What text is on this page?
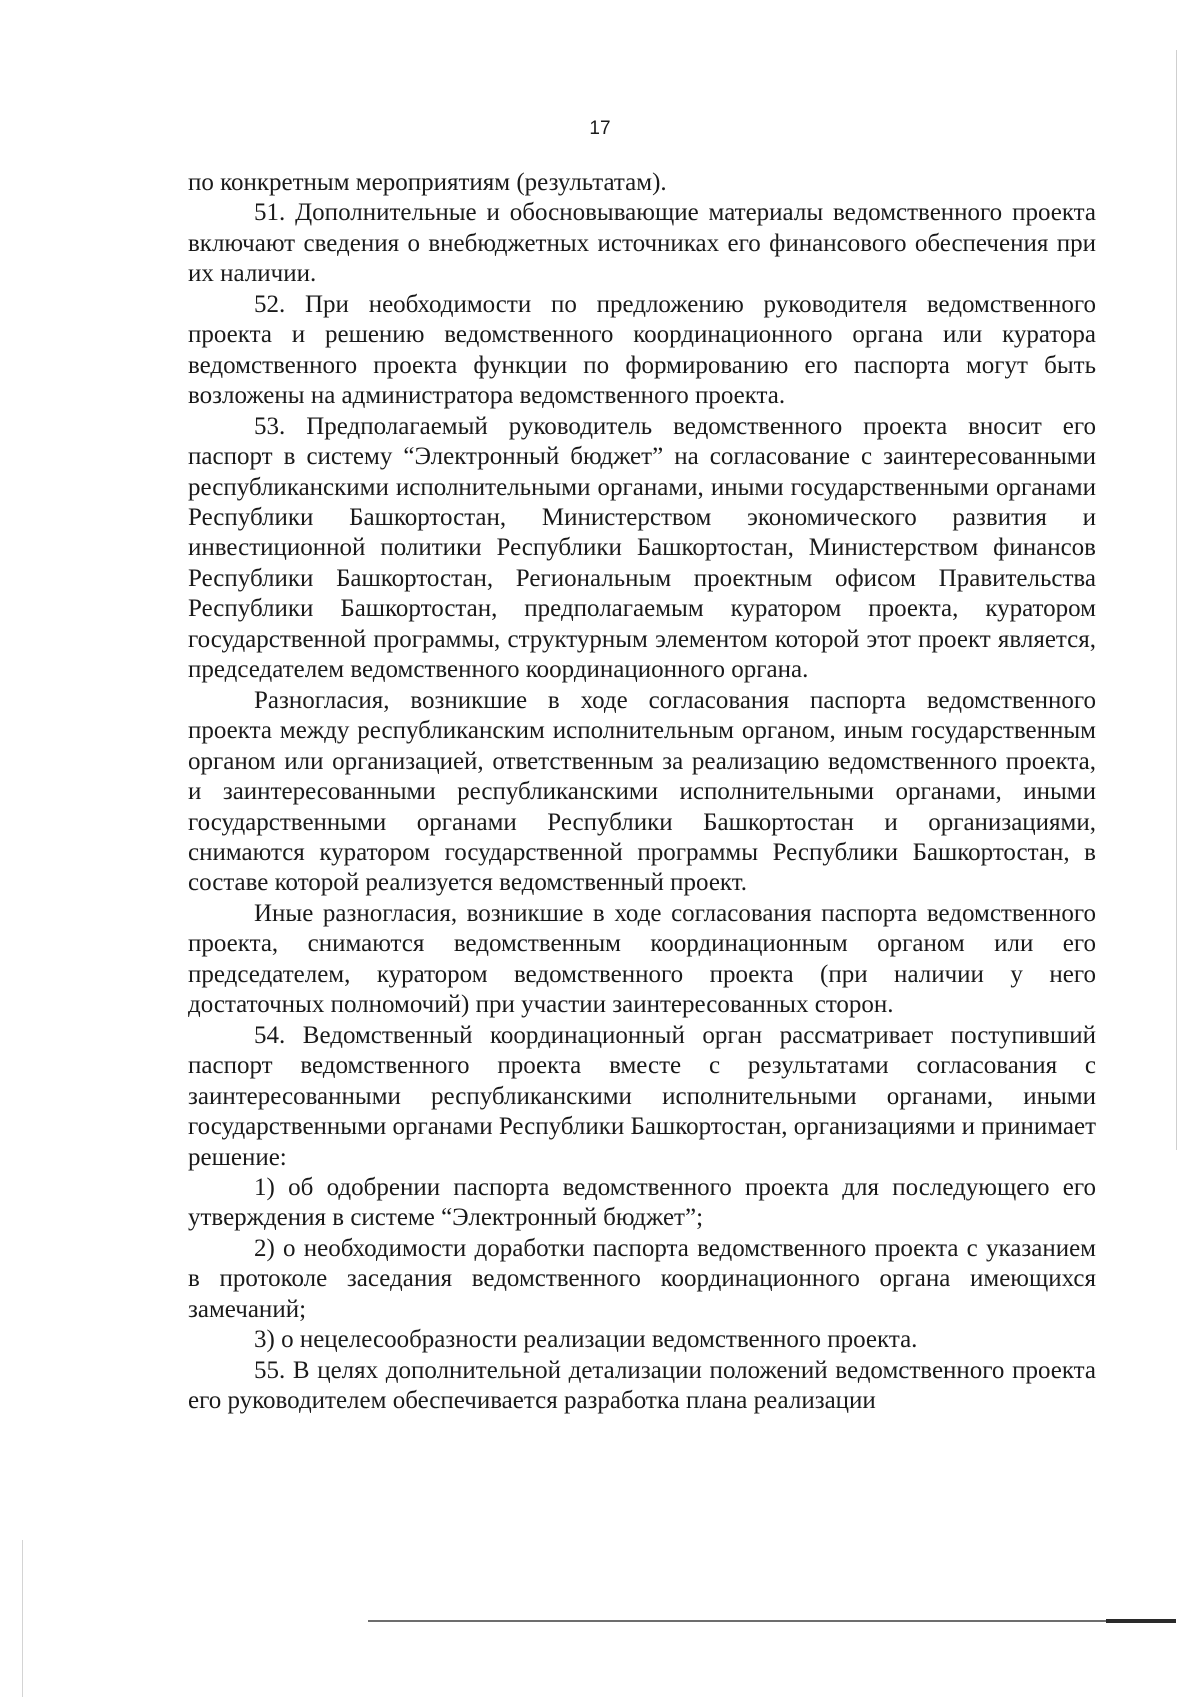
17

по конкретным мероприятиям (результатам).

51. Дополнительные и обосновывающие материалы ведомственного проекта включают сведения о внебюджетных источниках его финансового обеспечения при их наличии.

52. При необходимости по предложению руководителя ведомственного проекта и решению ведомственного координационного органа или куратора ведомственного проекта функции по формированию его паспорта могут быть возложены на администратора ведомственного проекта.

53. Предполагаемый руководитель ведомственного проекта вносит его паспорт в систему “Электронный бюджет” на согласование с заинтересованными республиканскими исполнительными органами, иными государственными органами Республики Башкортостан, Министерством экономического развития и инвестиционной политики Республики Башкортостан, Министерством финансов Республики Башкортостан, Региональным проектным офисом Правительства Республики Башкортостан, предполагаемым куратором проекта, куратором государственной программы, структурным элементом которой этот проект является, председателем ведомственного координационного органа.

Разногласия, возникшие в ходе согласования паспорта ведомственного проекта между республиканским исполнительным органом, иным государственным органом или организацией, ответственным за реализацию ведомственного проекта, и заинтересованными республиканскими исполнительными органами, иными государственными органами Республики Башкортостан и организациями, снимаются куратором государственной программы Республики Башкортостан, в составе которой реализуется ведомственный проект.

Иные разногласия, возникшие в ходе согласования паспорта ведомственного проекта, снимаются ведомственным координационным органом или его председателем, куратором ведомственного проекта (при наличии у него достаточных полномочий) при участии заинтересованных сторон.

54. Ведомственный координационный орган рассматривает поступивший паспорт ведомственного проекта вместе с результатами согласования с заинтересованными республиканскими исполнительными органами, иными государственными органами Республики Башкортостан, организациями и принимает решение:

1) об одобрении паспорта ведомственного проекта для последующего его утверждения в системе “Электронный бюджет”;

2) о необходимости доработки паспорта ведомственного проекта с указанием в протоколе заседания ведомственного координационного органа имеющихся замечаний;

3) о нецелесообразности реализации ведомственного проекта.

55. В целях дополнительной детализации положений ведомственного проекта его руководителем обеспечивается разработка плана реализации
